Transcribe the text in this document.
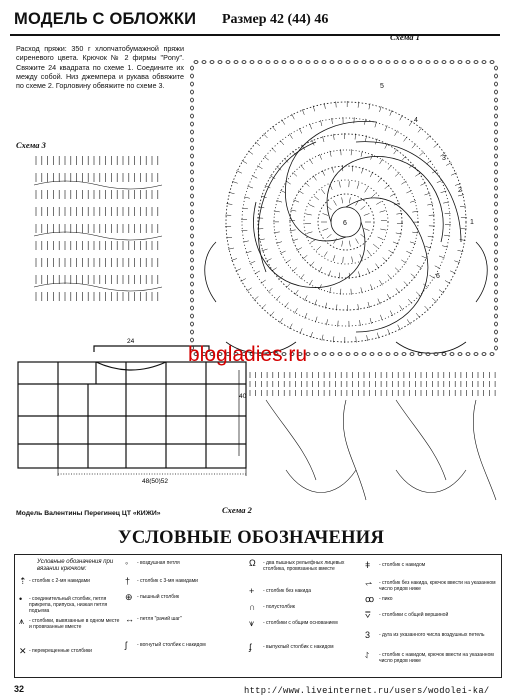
МОДЕЛЬ С ОБЛОЖКИ Размер 42 (44) 46
Расход пряжи: 350 г хлопчатобумажной пряжи сиреневого цвета. Крючок № 2 фирмы "Pony". Свяжите 24 квадрата по схеме 1. Соедините их между собой. Низ джемпера и рукава обвяжите по схеме 2. Горловину обвяжите по схеме 3.
Схема 1
Схема 3
Схема 2
6
5
4
3
2
1
6
24
40
48(50)52
blogladies.ru
Модель Валентины Перегинец ЦТ «КИЖИ»
УСЛОВНЫЕ ОБОЗНАЧЕНИЯ
Условные обозначения при вязании крючком:
⇡ - столбик с 2-мя накидами
• - соединительный столбик, петля прикрепа, припуска, низкая петля подъема
⩚ - столбики, вывязанные в одном месте и провязанные вместе
✕ - перекрещенные столбики
◦ - воздушная петля
† - столбик с 3-мя накидами
⊕ - пышный столбик
↔ - петля "рачий шаг"
ʃ - вогнутый столбик с накидом
Ω - два пышных рельефных лицевых столбика, провязанных вместе
+ - столбик без накида
∩ - полустолбик
⩛ - столбики с общим основанием
ʄ - выпуклый столбик с накидом
ǂ - столбик с накидом
⥋ - столбик без накида, крючок ввести на указанном число рядов ниже
ꝏ - пико
⩢ - столбики с общей вершиной
3 - дуга из указанного числа воздушных петель
⥌ - столбик с накидом, крючок ввести на указанном число рядов ниже
32	http://www.liveinternet.ru/users/wodolei-ka/
